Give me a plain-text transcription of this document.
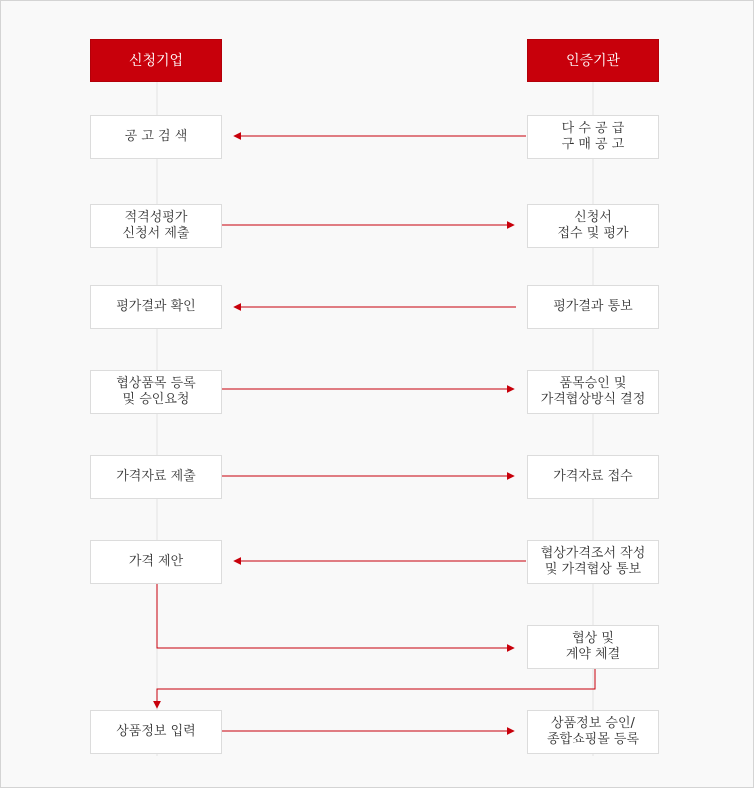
신청기업	인증기관
공 고 검 색
다 수 공 급
구 매 공 고
적격성평가
신청서 제출
신청서
접수 및 평가
평가결과 확인	평가결과 통보
협상품목 등록
및 승인요청
품목승인 및
가격협상방식 결정
가격자료 제출	가격자료 접수
가격 제안
협상가격조서 작성
및 가격협상 통보
협상 및
계약 체결
상품정보 입력
상품정보 승인/
종합쇼핑몰 등록
